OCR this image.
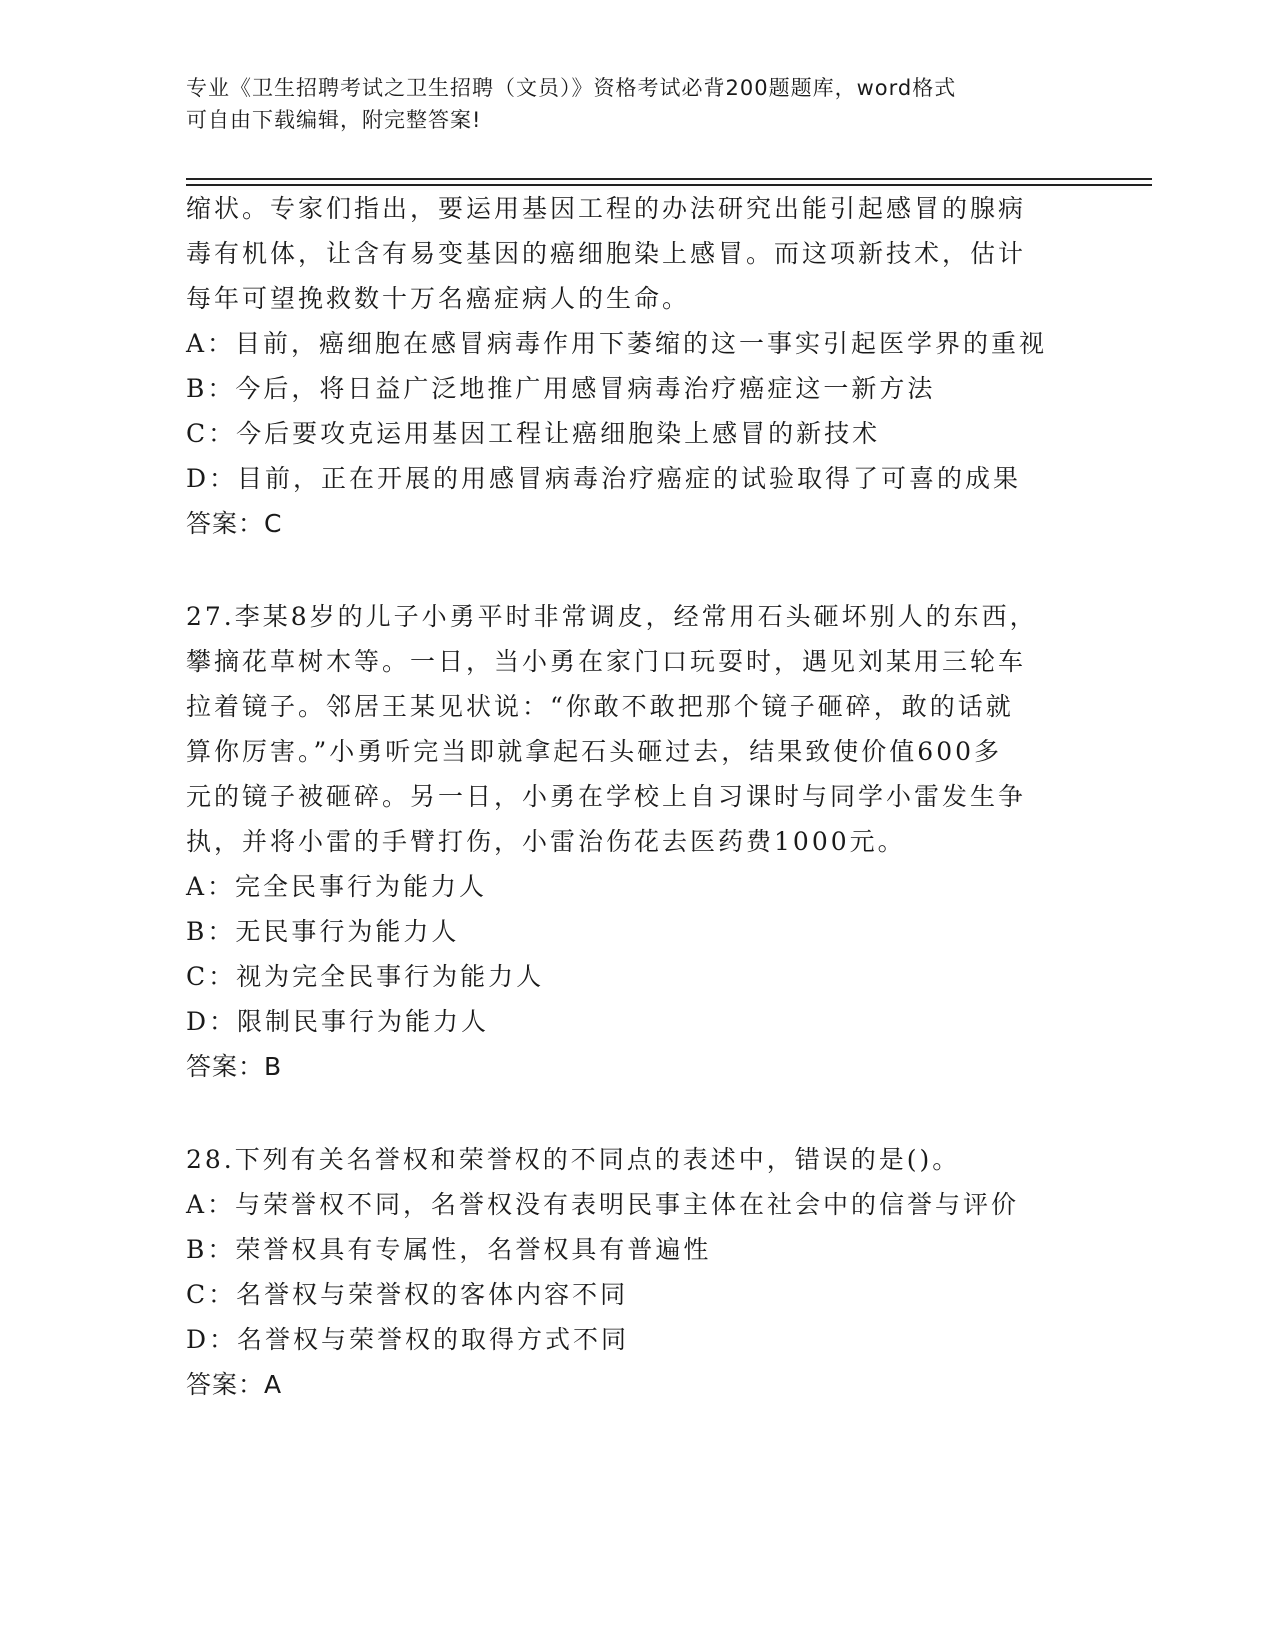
专业《卫生招聘考试之卫生招聘（文员）》资格考试必背200题题库，word格式
可自由下载编辑，附完整答案!
缩状。专家们指出，要运用基因工程的办法研究出能引起感冒的腺病
毒有机体，让含有易变基因的癌细胞染上感冒。而这项新技术，估计
每年可望挽救数十万名癌症病人的生命。
A：目前，癌细胞在感冒病毒作用下萎缩的这一事实引起医学界的重视
B：今后，将日益广泛地推广用感冒病毒治疗癌症这一新方法
C：今后要攻克运用基因工程让癌细胞染上感冒的新技术
D：目前，正在开展的用感冒病毒治疗癌症的试验取得了可喜的成果
答案：C
27.李某8岁的儿子小勇平时非常调皮，经常用石头砸坏别人的东西，
攀摘花草树木等。一日，当小勇在家门口玩耍时，遇见刘某用三轮车
拉着镜子。邻居王某见状说：“你敢不敢把那个镜子砸碎，敢的话就
算你厉害。”小勇听完当即就拿起石头砸过去，结果致使价值600多
元的镜子被砸碎。另一日，小勇在学校上自习课时与同学小雷发生争
执，并将小雷的手臂打伤，小雷治伤花去医药费1000元。
A：完全民事行为能力人
B：无民事行为能力人
C：视为完全民事行为能力人
D：限制民事行为能力人
答案：B
28.下列有关名誉权和荣誉权的不同点的表述中，错误的是()。
A：与荣誉权不同，名誉权没有表明民事主体在社会中的信誉与评价
B：荣誉权具有专属性，名誉权具有普遍性
C：名誉权与荣誉权的客体内容不同
D：名誉权与荣誉权的取得方式不同
答案：A
